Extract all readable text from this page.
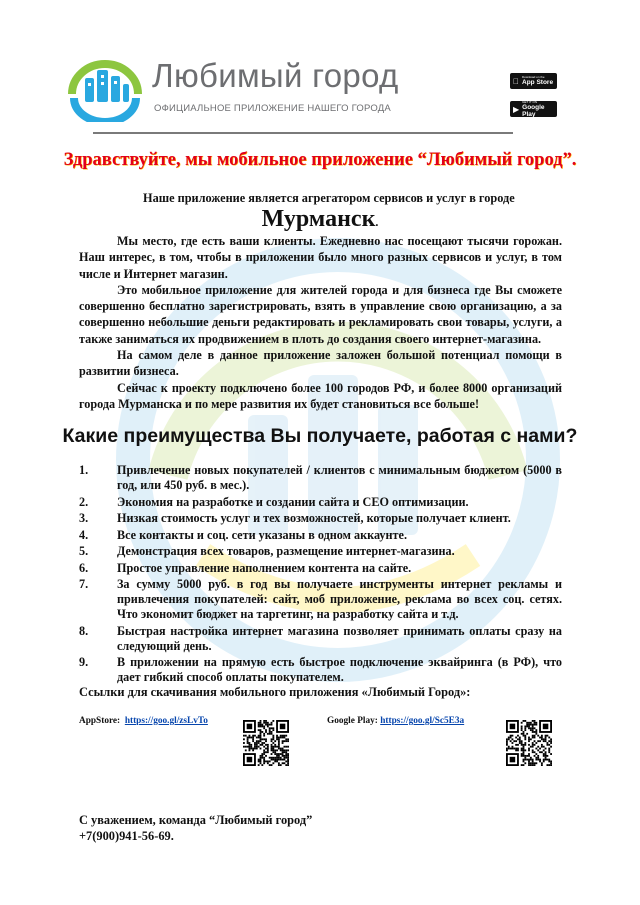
Любимый город
ОФИЦИАЛЬНОЕ ПРИЛОЖЕНИЕ НАШЕГО ГОРОДА
Download on the
App Store
▶
GET IT ON
Google Play
Здравствуйте, мы мобильное приложение “Любимый город”.
Наше приложение является агрегатором сервисов и услуг в городе
Мурманск.

Мы место, где есть ваши клиенты. Ежедневно нас посещают тысячи горожан. Наш интерес, в том, чтобы в приложении было много разных сервисов и услуг, в том числе и Интернет магазин.

Это мобильное приложение для жителей города и для бизнеса где Вы сможете совершенно бесплатно зарегистрировать, взять в управление свою организацию, а за совершенно небольшие деньги редактировать и рекламировать свои товары, услуги, а также заниматься их продвижением в плоть до создания своего интернет-магазина.

На самом деле в данное приложение заложен большой потенциал помощи в развитии бизнеса.

Сейчас к проекту подключено более 100 городов РФ, и более 8000 организаций города Мурманска и по мере развития их будет становиться все больше!

Какие преимущества Вы получаете, работая с нами?
1.	Привлечение новых покупателей / клиентов с минимальным бюджетом (5000 в год, или 450 руб. в мес.).
2.	Экономия на разработке и создании сайта и СЕО оптимизации.
3.	Низкая стоимость услуг и тех возможностей, которые получает клиент.
4.	Все контакты и соц. сети указаны в одном аккаунте.
5.	Демонстрация всех товаров, размещение интернет-магазина.
6.	Простое управление наполнением контента на сайте.
7.	За сумму 5000 руб. в год вы получаете инструменты интернет рекламы и привлечения покупателей: сайт, моб приложение, реклама во всех соц. сетях. Что экономит бюджет на таргетинг, на разработку сайта и т.д.
8.	Быстрая настройка интернет магазина позволяет принимать оплаты сразу на следующий день.
9.	В приложении на прямую есть быстрое подключение эквайринга (в РФ), что дает гибкий способ оплаты покупателем.
Ссылки для скачивания мобильного приложения «Любимый Город»:
AppStore: https://goo.gl/zsLvTo	Google Play: https://goo.gl/Sc5E3a
С уважением, команда “Любимый город”
+7(900)941-56-69.
